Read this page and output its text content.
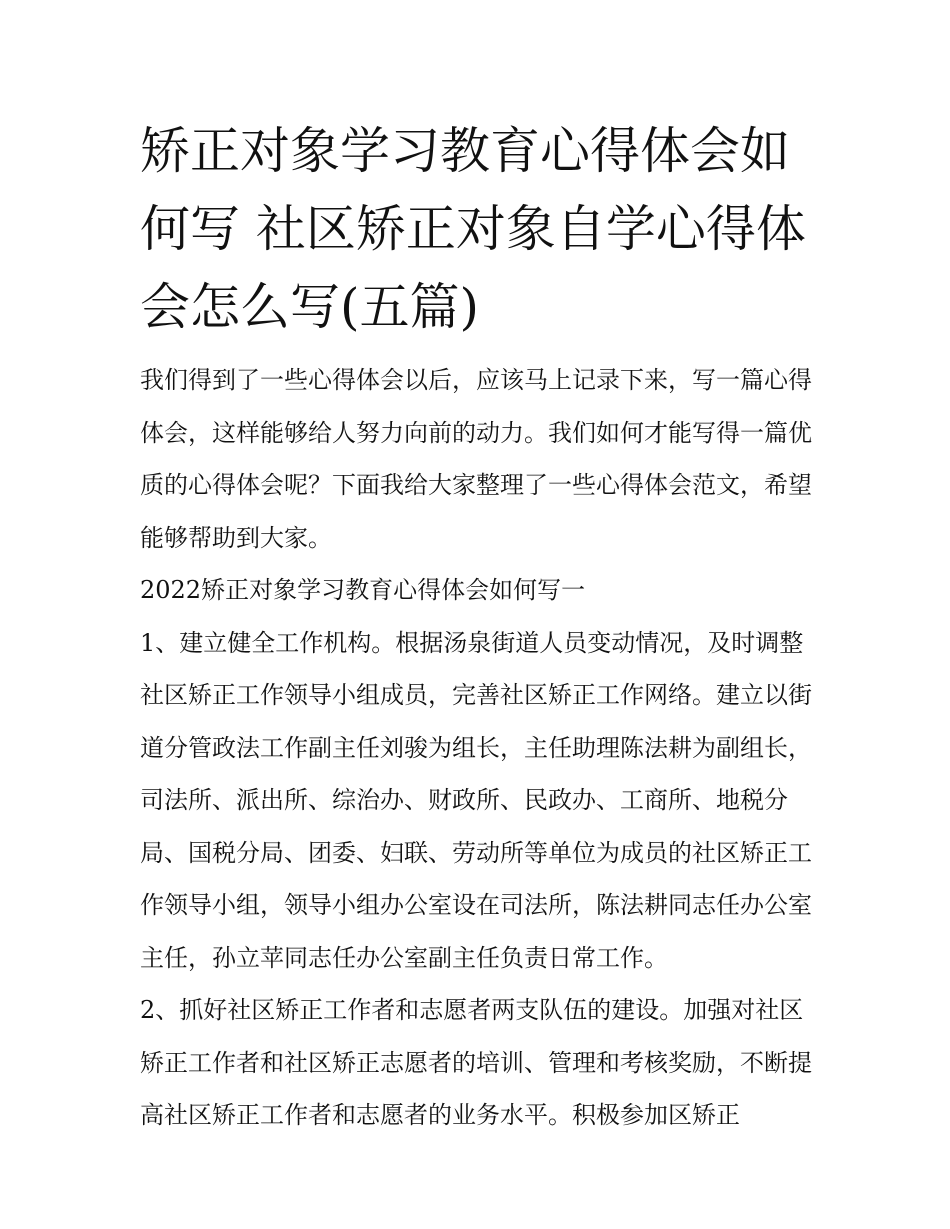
矫正对象学习教育心得体会如何写 社区矫正对象自学心得体会怎么写(五篇)

我们得到了一些心得体会以后，应该马上记录下来，写一篇心得体会，这样能够给人努力向前的动力。我们如何才能写得一篇优质的心得体会呢？下面我给大家整理了一些心得体会范文，希望能够帮助到大家。

2022矫正对象学习教育心得体会如何写一

1、建立健全工作机构。根据汤泉街道人员变动情况，及时调整社区矫正工作领导小组成员，完善社区矫正工作网络。建立以街道分管政法工作副主任刘骏为组长，主任助理陈法耕为副组长，司法所、派出所、综治办、财政所、民政办、工商所、地税分局、国税分局、团委、妇联、劳动所等单位为成员的社区矫正工作领导小组，领导小组办公室设在司法所，陈法耕同志任办公室主任，孙立苹同志任办公室副主任负责日常工作。

2、抓好社区矫正工作者和志愿者两支队伍的建设。加强对社区矫正工作者和社区矫正志愿者的培训、管理和考核奖励，不断提高社区矫正工作者和志愿者的业务水平。积极参加区矫正
